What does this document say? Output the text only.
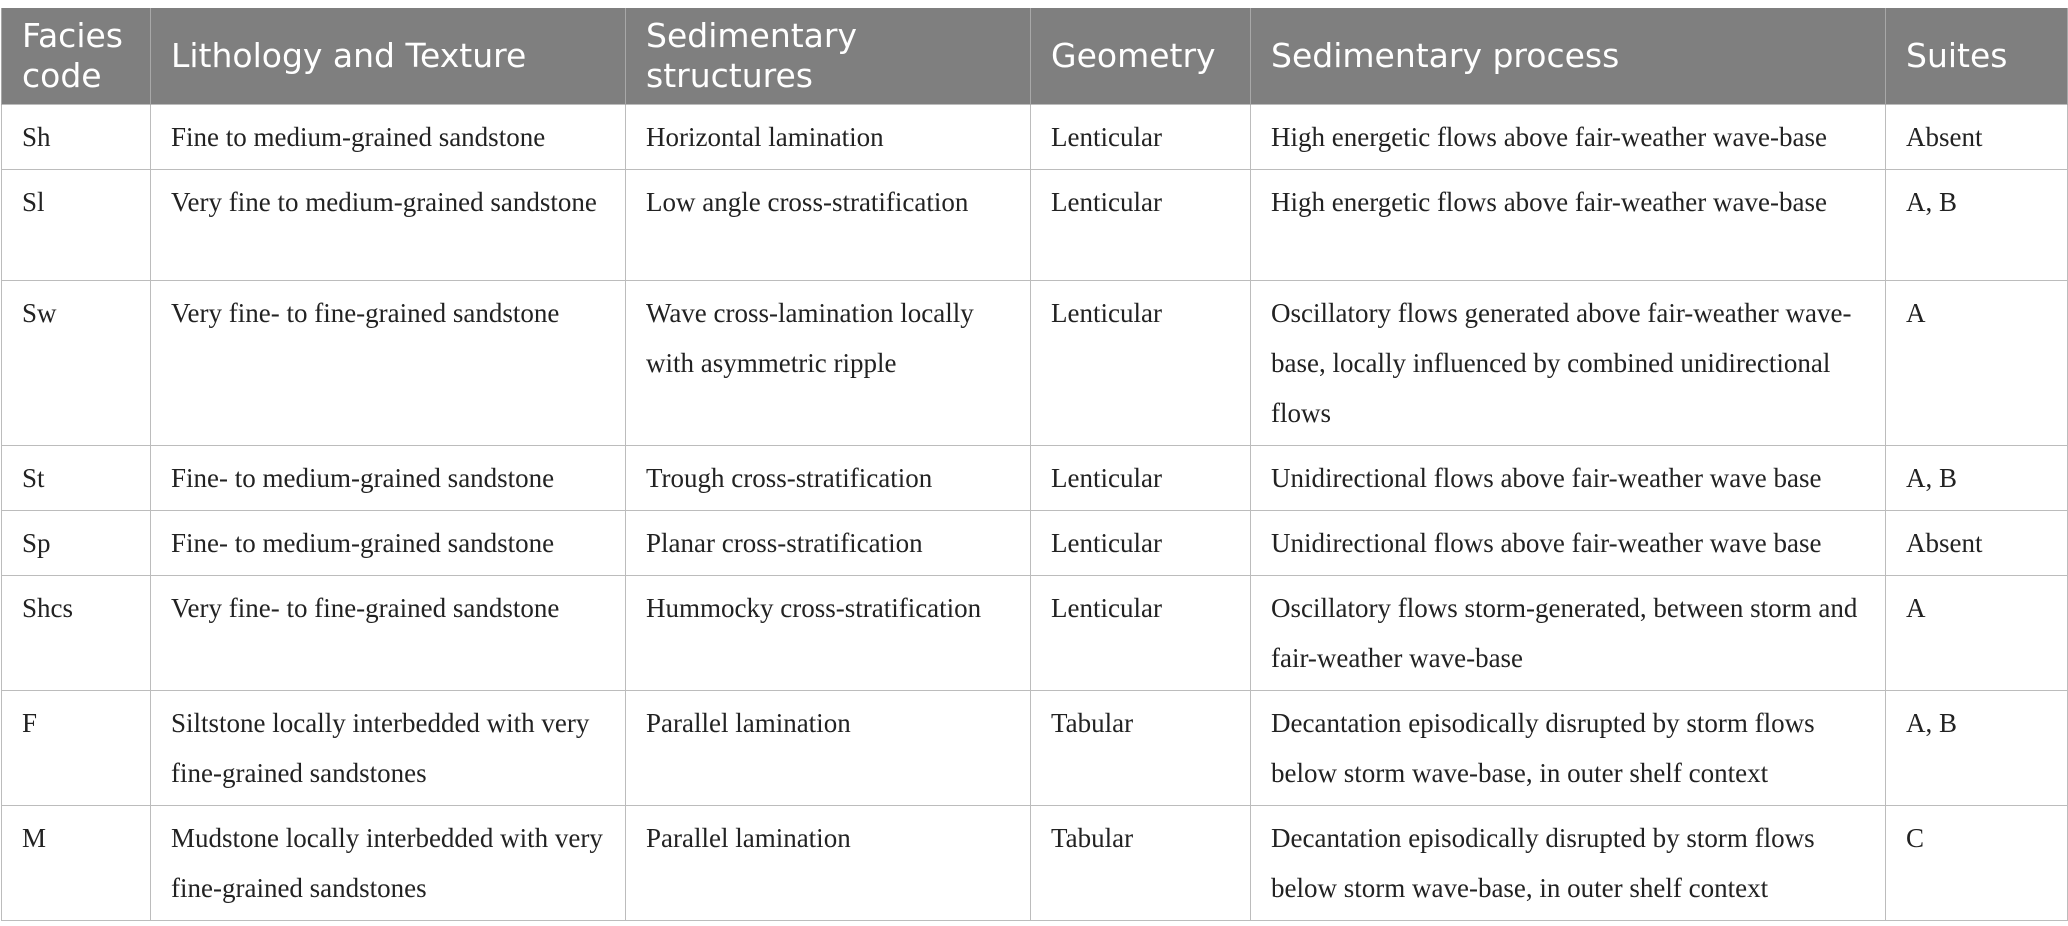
Facies code	Lithology and Texture	Sedimentary structures	Geometry	Sedimentary process	Suites
Sh	Fine to medium-grained sandstone	Horizontal lamination	Lenticular	High energetic flows above fair-weather wave-base	Absent
Sl	Very fine to medium-grained sandstone	Low angle cross-stratification	Lenticular	High energetic flows above fair-weather wave-base	A, B
Sw	Very fine- to fine-grained sandstone	Wave cross-lamination locally with asymmetric ripple	Lenticular	Oscillatory flows generated above fair-weather wave-base, locally influenced by combined unidirectional flows	A
St	Fine- to medium-grained sandstone	Trough cross-stratification	Lenticular	Unidirectional flows above fair-weather wave base	A, B
Sp	Fine- to medium-grained sandstone	Planar cross-stratification	Lenticular	Unidirectional flows above fair-weather wave base	Absent
Shcs	Very fine- to fine-grained sandstone	Hummocky cross-stratification	Lenticular	Oscillatory flows storm-generated, between storm and fair-weather wave-base	A
F	Siltstone locally interbedded with very fine-grained sandstones	Parallel lamination	Tabular	Decantation episodically disrupted by storm flows below storm wave-base, in outer shelf context	A, B
M	Mudstone locally interbedded with very fine-grained sandstones	Parallel lamination	Tabular	Decantation episodically disrupted by storm flows below storm wave-base, in outer shelf context	C
